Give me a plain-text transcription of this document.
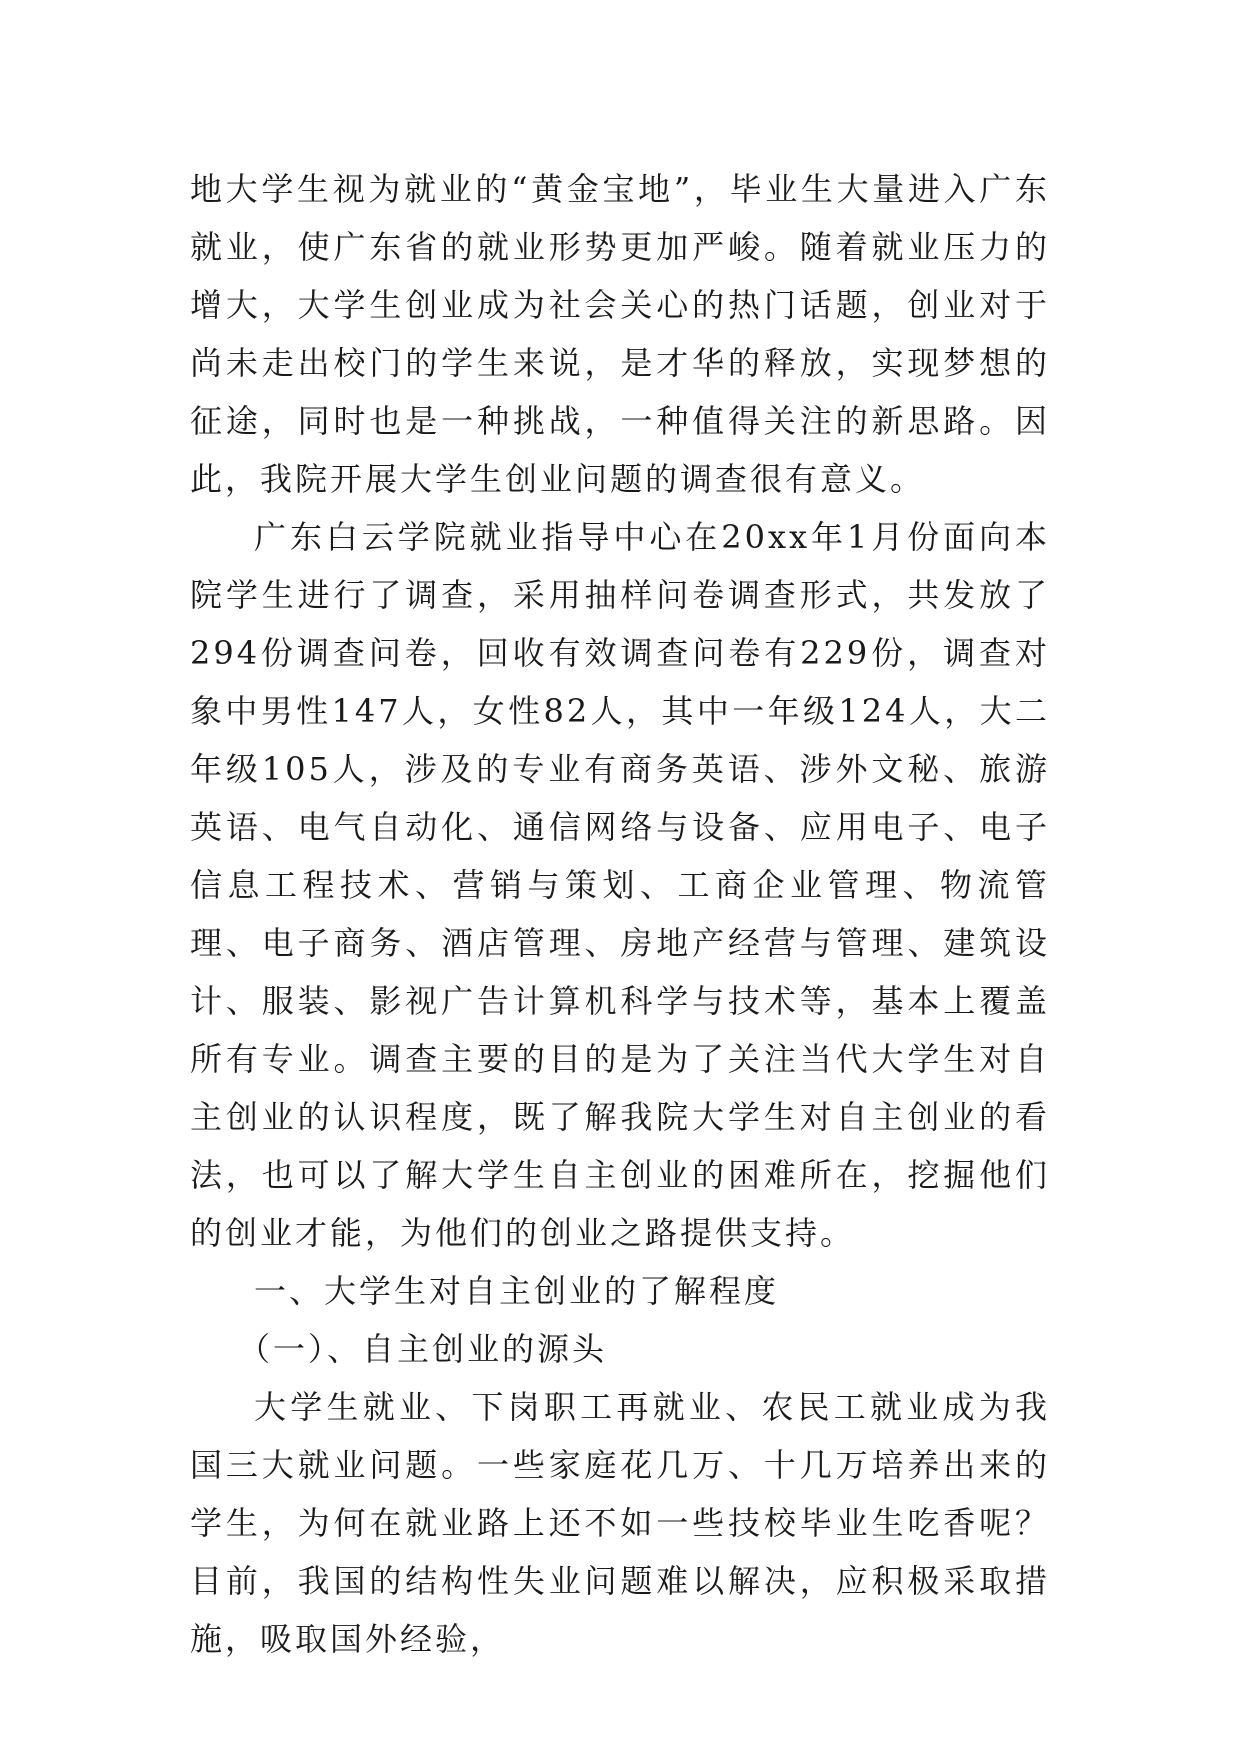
地大学生视为就业的“黄金宝地”，毕业生大量进入广东就业，使广东省的就业形势更加严峻。随着就业压力的增大，大学生创业成为社会关心的热门话题，创业对于尚未走出校门的学生来说，是才华的释放，实现梦想的征途，同时也是一种挑战，一种值得关注的新思路。因此，我院开展大学生创业问题的调查很有意义。

广东白云学院就业指导中心在20xx年1月份面向本院学生进行了调查，采用抽样问卷调查形式，共发放了294份调查问卷，回收有效调查问卷有229份，调查对象中男性147人，女性82人，其中一年级124人，大二年级105人，涉及的专业有商务英语、涉外文秘、旅游英语、电气自动化、通信网络与设备、应用电子、电子信息工程技术、营销与策划、工商企业管理、物流管理、电子商务、酒店管理、房地产经营与管理、建筑设计、服装、影视广告计算机科学与技术等，基本上覆盖所有专业。调查主要的目的是为了关注当代大学生对自主创业的认识程度，既了解我院大学生对自主创业的看法，也可以了解大学生自主创业的困难所在，挖掘他们的创业才能，为他们的创业之路提供支持。

一、大学生对自主创业的了解程度

（一）、自主创业的源头

大学生就业、下岗职工再就业、农民工就业成为我国三大就业问题。一些家庭花几万、十几万培养出来的学生，为何在就业路上还不如一些技校毕业生吃香呢？目前，我国的结构性失业问题难以解决，应积极采取措施，吸取国外经验，
